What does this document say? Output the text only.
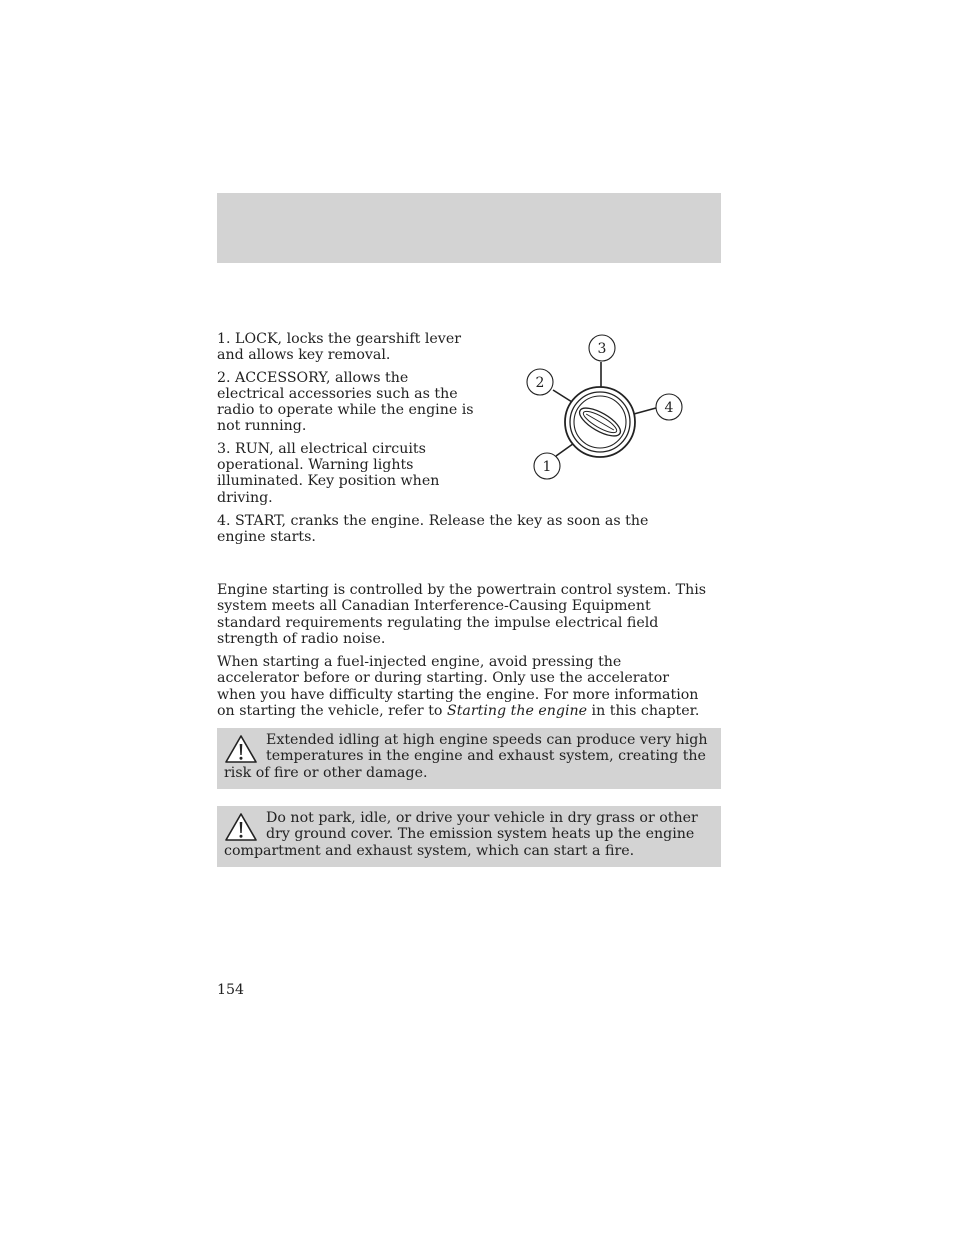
1. LOCK, locks the gearshift lever and allows key removal.

2. ACCESSORY, allows the electrical accessories such as the radio to operate while the engine is not running.

3. RUN, all electrical circuits operational. Warning lights illuminated. Key position when driving.

3
2
4
1

4. START, cranks the engine. Release the key as soon as the engine starts.

Engine starting is controlled by the powertrain control system. This system meets all Canadian Interference-Causing Equipment standard requirements regulating the impulse electrical field strength of radio noise.

When starting a fuel-injected engine, avoid pressing the accelerator before or during starting. Only use the accelerator when you have difficulty starting the engine. For more information on starting the vehicle, refer to Starting the engine in this chapter.

Extended idling at high engine speeds can produce very high temperatures in the engine and exhaust system, creating the risk of fire or other damage.

Do not park, idle, or drive your vehicle in dry grass or other dry ground cover. The emission system heats up the engine compartment and exhaust system, which can start a fire.

154
